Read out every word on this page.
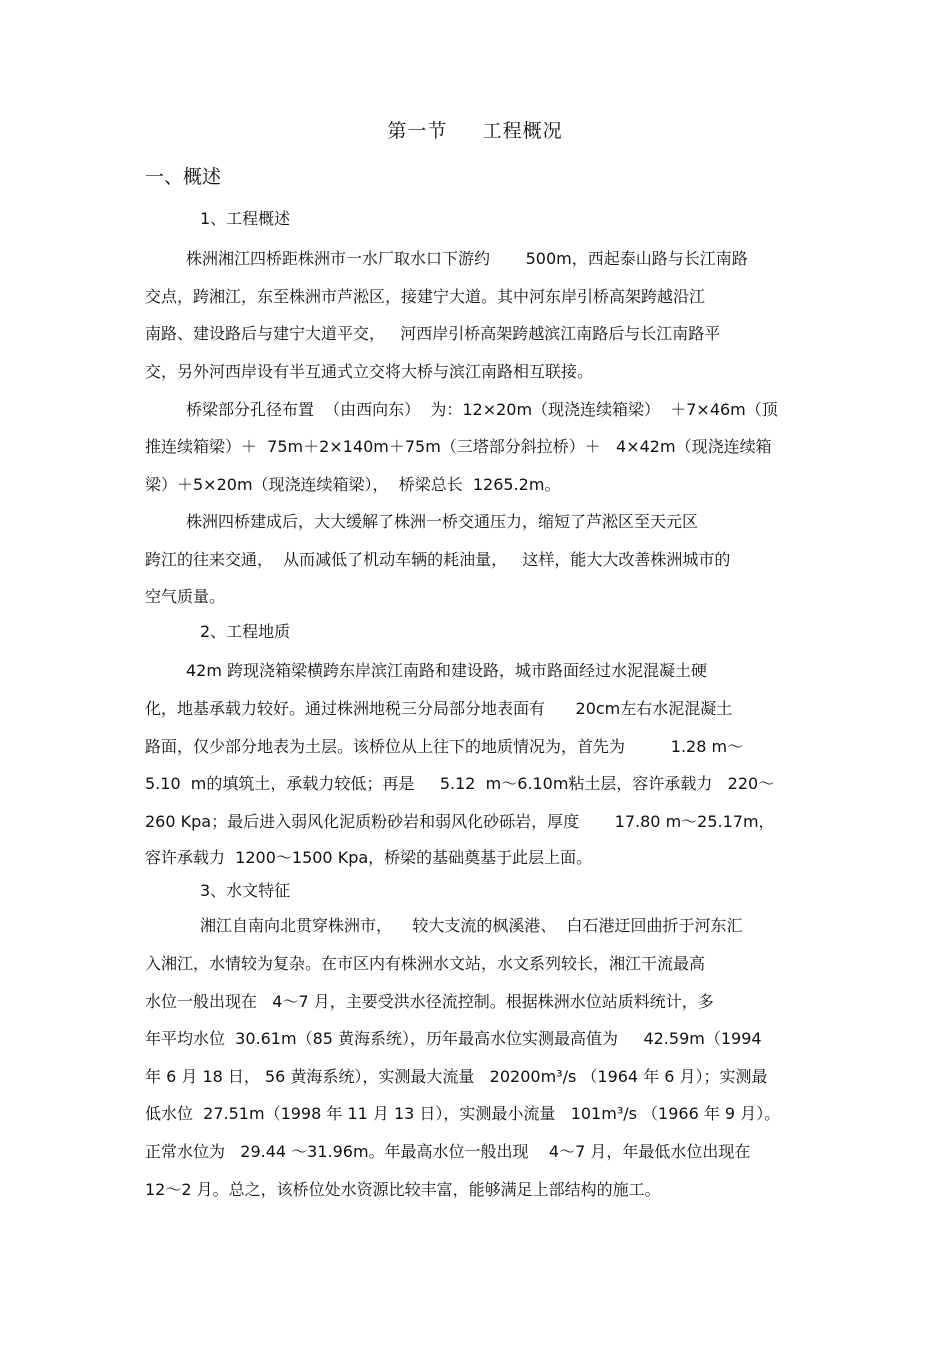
第一节     工程概况
一、概述
1、工程概述
株洲湘江四桥距株洲市一水厂取水口下游约       500m，西起泰山路与长江南路
交点，跨湘江，东至株洲市芦淞区，接建宁大道。其中河东岸引桥高架跨越沿江
南路、建设路后与建宁大道平交，   河西岸引桥高架跨越滨江南路后与长江南路平
交，另外河西岸设有半互通式立交将大桥与滨江南路相互联接。
桥梁部分孔径布置  （由西向东）  为：12×20m（现浇连续箱梁）  ＋7×46m（顶
推连续箱梁）＋  75m＋2×140m＋75m（三塔部分斜拉桥）＋   4×42m（现浇连续箱
梁）＋5×20m（现浇连续箱梁），  桥梁总长  1265.2m。
株洲四桥建成后，大大缓解了株洲一桥交通压力，缩短了芦淞区至天元区
跨江的往来交通，  从而减低了机动车辆的耗油量，   这样，能大大改善株洲城市的
空气质量。
2、工程地质
42m 跨现浇箱梁横跨东岸滨江南路和建设路，城市路面经过水泥混凝土硬
化，地基承载力较好。通过株洲地税三分局部分地表面有      20cm左右水泥混凝土
路面，仅少部分地表为土层。该桥位从上往下的地质情况为，首先为         1.28 m～
5.10  m的填筑土，承载力较低；再是     5.12  m～6.10m粘土层，容许承载力   220～
260 Kpa；最后进入弱风化泥质粉砂岩和弱风化砂砾岩，厚度       17.80 m～25.17m，
容许承载力  1200～1500 Kpa，桥梁的基础奠基于此层上面。
3、水文特征
湘江自南向北贯穿株洲市，    较大支流的枫溪港、  白石港迂回曲折于河东汇
入湘江，水情较为复杂。在市区内有株洲水文站，水文系列较长，湘江干流最高
水位一般出现在   4～7 月，主要受洪水径流控制。根据株洲水位站质料统计，多
年平均水位  30.61m（85 黄海系统），历年最高水位实测最高值为     42.59m（1994
年 6 月 18 日， 56 黄海系统），实测最大流量   20200m³/s （1964 年 6 月）；实测最
低水位  27.51m（1998 年 11 月 13 日），实测最小流量   101m³/s （1966 年 9 月）。
正常水位为   29.44 ～31.96m。年最高水位一般出现    4～7 月，年最低水位出现在
12～2 月。总之，该桥位处水资源比较丰富，能够满足上部结构的施工。
